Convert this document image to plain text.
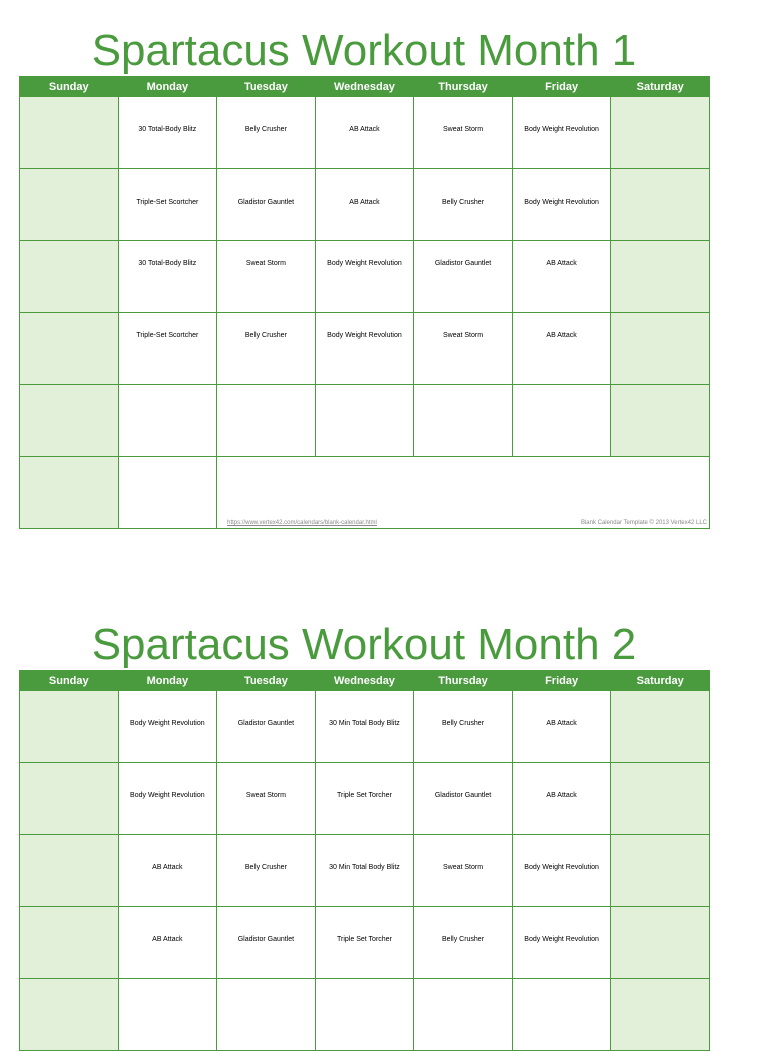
Spartacus Workout Month 1
Sunday	Monday	Tuesday	Wednesday	Thursday	Friday	Saturday

	30 Total-Body Blitz	Belly Crusher	AB Attack	Sweat Storm	Body Weight Revolution	

	Triple-Set Scortcher	Gladistor Gauntlet	AB Attack	Belly Crusher	Body Weight Revolution	

	30 Total-Body Blitz	Sweat Storm	Body Weight Revolution	Gladistor Gauntlet	AB Attack	

	Triple-Set Scortcher	Belly Crusher	Body Weight Revolution	Sweat Storm	AB Attack	

		https://www.vertex42.com/calendars/blank-calendar.html Blank Calendar Template © 2013 Vertex42 LLC				
Spartacus Workout Month 2
Sunday	Monday	Tuesday	Wednesday	Thursday	Friday	Saturday

	Body Weight Revolution	Gladistor Gauntlet	30 Min Total Body Blitz	Belly Crusher	AB Attack	

	Body Weight Revolution	Sweat Storm	Triple Set Torcher	Gladistor Gauntlet	AB Attack	

	AB Attack	Belly Crusher	30 Min Total Body Blitz	Sweat Storm	Body Weight Revolution	

	AB Attack	Gladistor Gauntlet	Triple Set Torcher	Belly Crusher	Body Weight Revolution	
